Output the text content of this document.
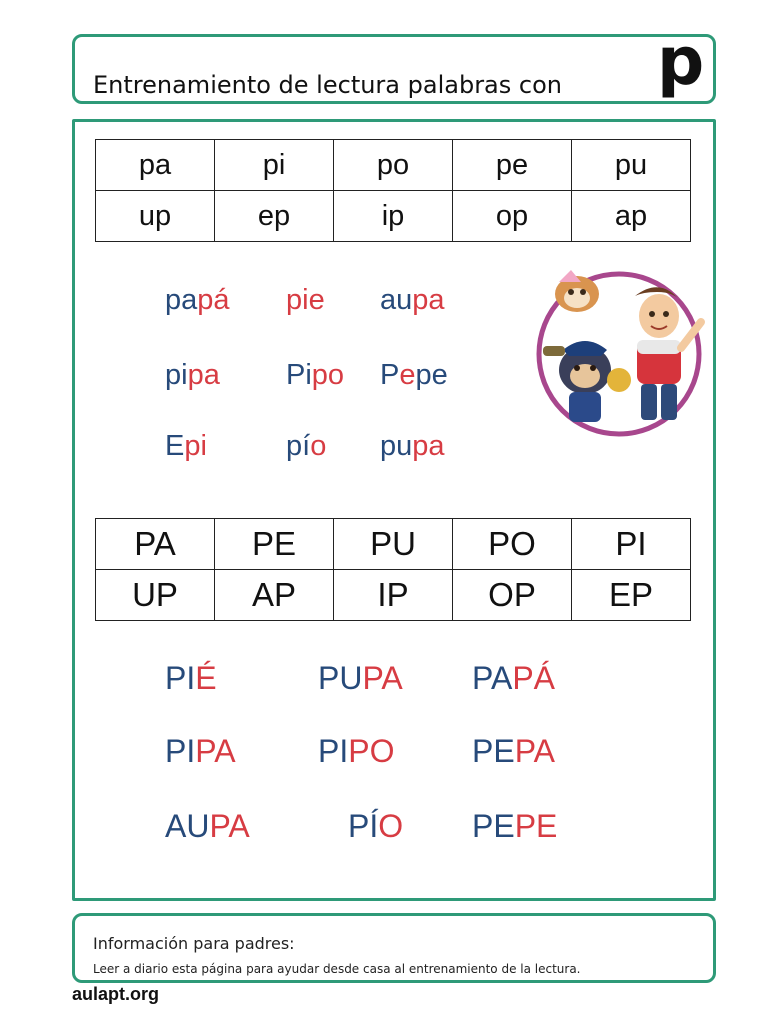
Entrenamiento de lectura palabras con p
pa	pi	po	pe	pu
up	ep	ip	op	ap
papá pie aupa
pipa Pipo Pepe
Epi	pío pupa
PA	PE	PU	PO	PI
UP	AP	IP	OP	EP
PIÉ	PUPA PAPÁ
PIPA	PIPO PEPA
AUPA	PÍO PEPE
Información para padres:
Leer a diario esta página para ayudar desde casa al entrenamiento de la lectura.
aulapt.org
